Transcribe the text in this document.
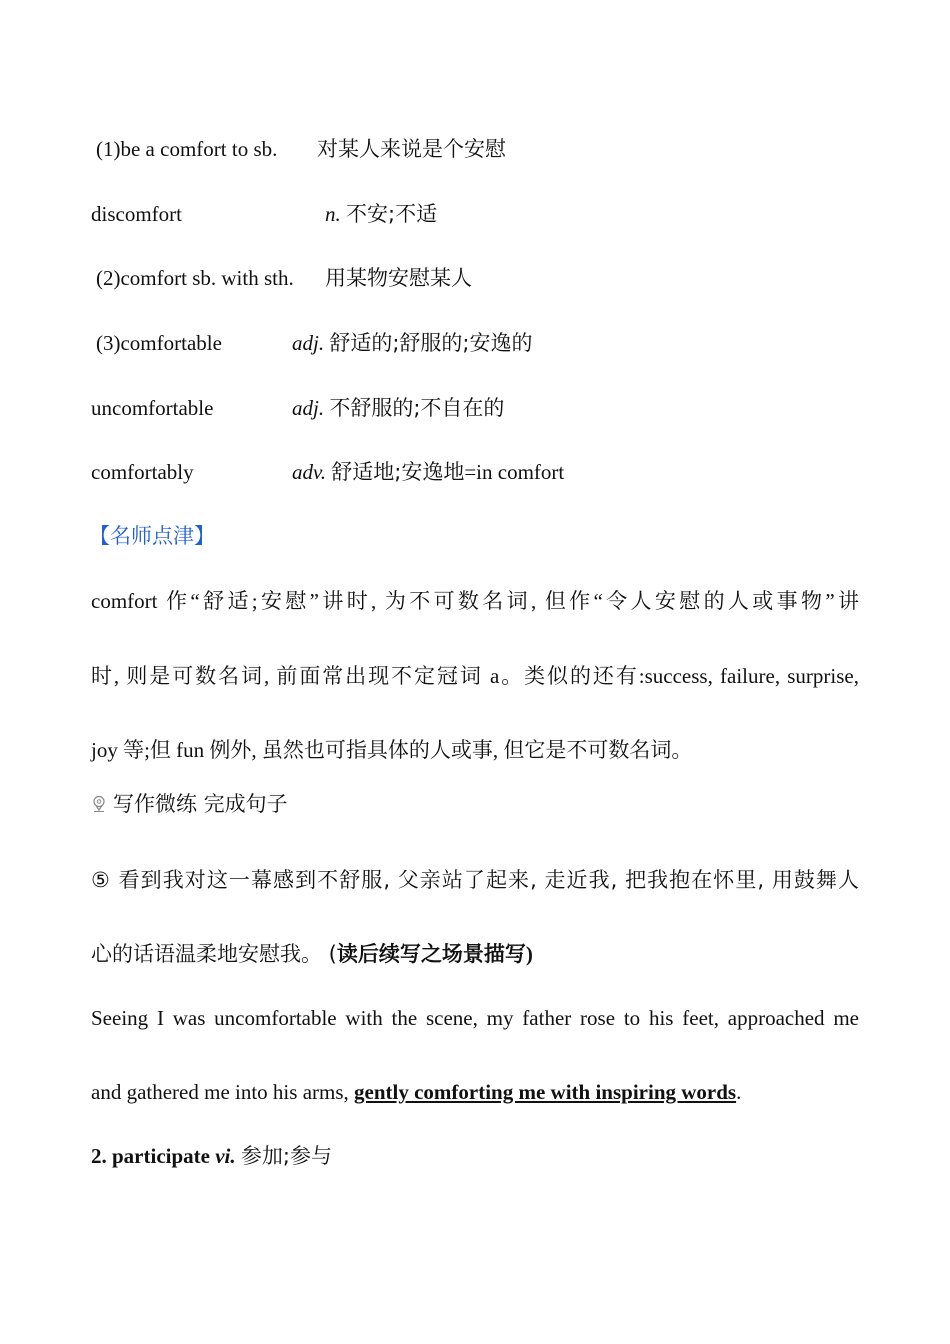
(1)be a comfort to sb. 对某人来说是个安慰
discomfort	n. 不安;不适
(2)comfort sb. with sth. 用某物安慰某人
(3)comfortable	adj. 舒适的;舒服的;安逸的
uncomfortable	adj. 不舒服的;不自在的
comfortably	adv. 舒适地;安逸地=in comfort
【名师点津】
comfort 作“舒适;安慰”讲时, 为不可数名词, 但作“令人安慰的人或事物”讲
时, 则是可数名词, 前面常出现不定冠词 a。类似的还有:success, failure, surprise,
joy 等;但 fun 例外, 虽然也可指具体的人或事, 但它是不可数名词。
写作微练 完成句子
⑤ 看到我对这一幕感到不舒服, 父亲站了起来, 走近我, 把我抱在怀里, 用鼓舞人
心的话语温柔地安慰我。 (读后续写之场景描写)
Seeing I was uncomfortable with the scene, my father rose to his feet, approached me
and gathered me into his arms, gently comforting me with inspiring words.
2. participate vi. 参加;参与
